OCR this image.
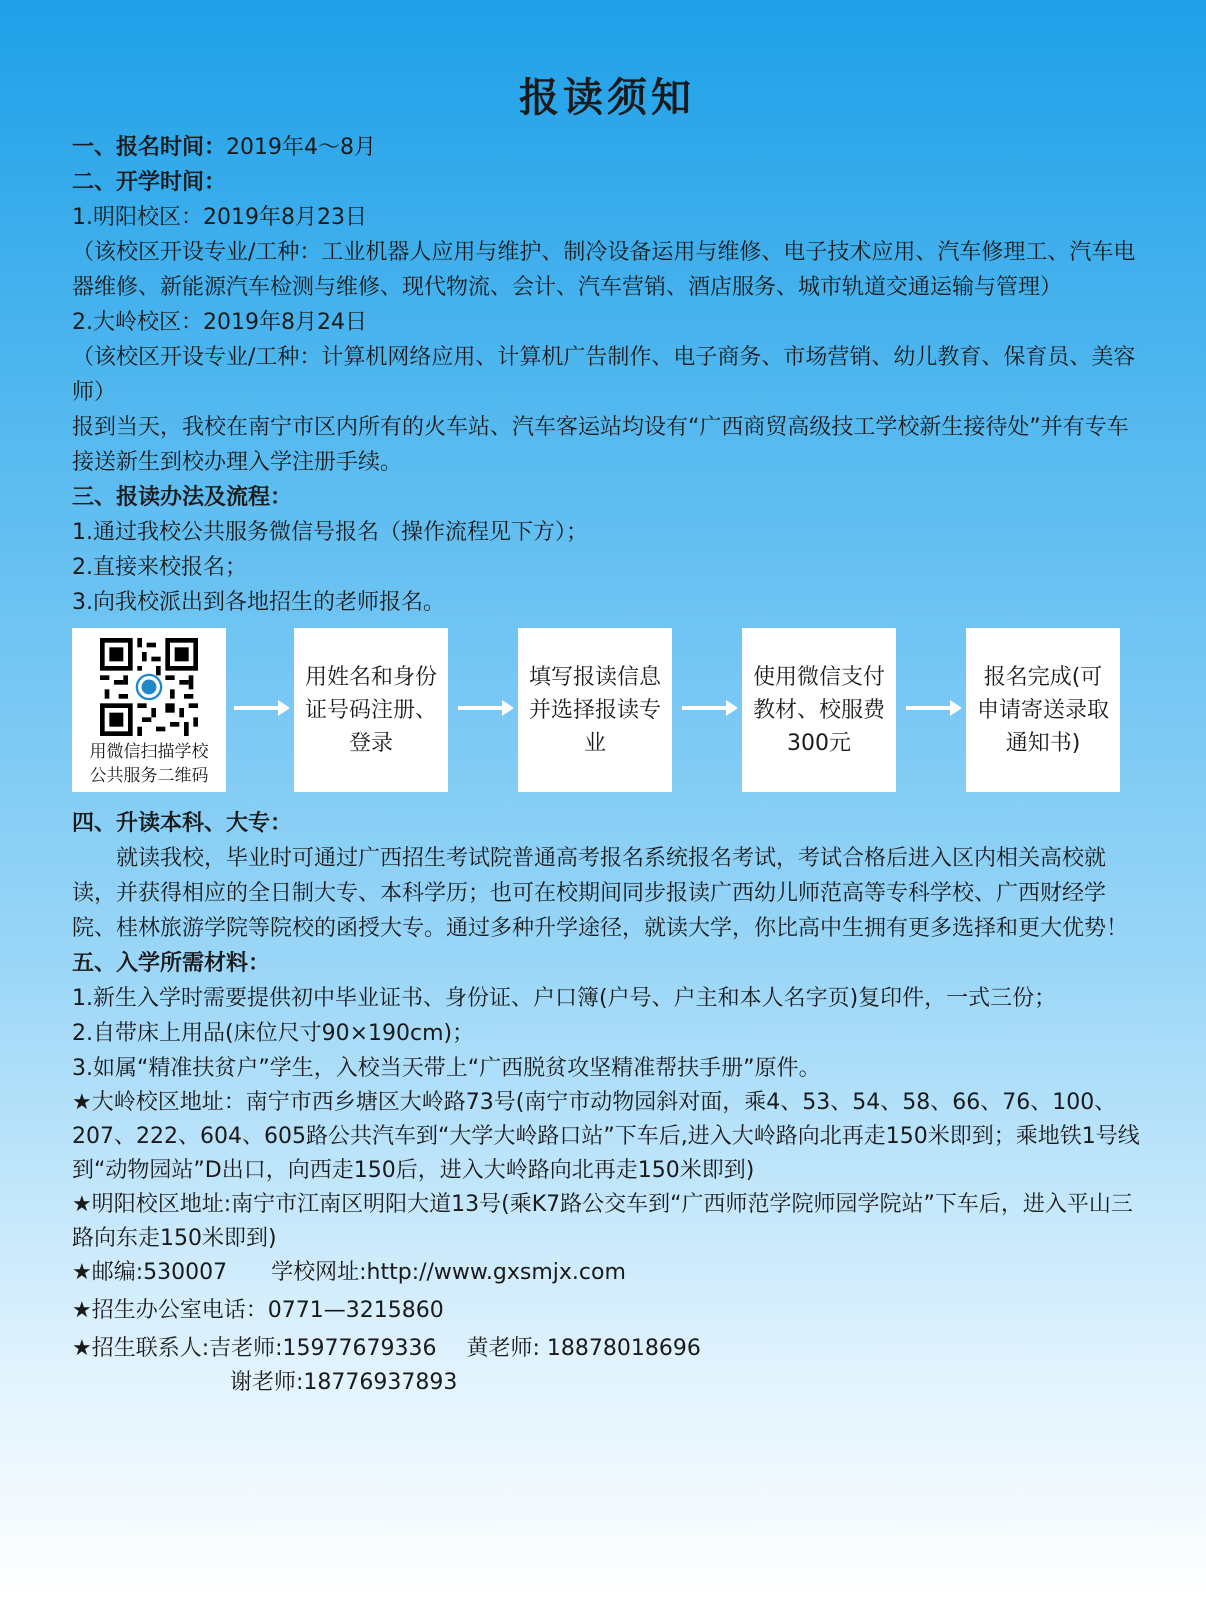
报读须知

一、报名时间：2019年4～8月

二、开学时间：

1.明阳校区：2019年8月23日

（该校区开设专业/工种：工业机器人应用与维护、制冷设备运用与维修、电子技术应用、汽车修理工、汽车电器维修、新能源汽车检测与维修、现代物流、会计、汽车营销、酒店服务、城市轨道交通运输与管理）

2.大岭校区：2019年8月24日

（该校区开设专业/工种：计算机网络应用、计算机广告制作、电子商务、市场营销、幼儿教育、保育员、美容师）

报到当天，我校在南宁市区内所有的火车站、汽车客运站均设有“广西商贸高级技工学校新生接待处”并有专车接送新生到校办理入学注册手续。

三、报读办法及流程：

1.通过我校公共服务微信号报名（操作流程见下方）；

2.直接来校报名；

3.向我校派出到各地招生的老师报名。

用微信扫描学校
公共服务二维码
用姓名和身份证号码注册、登录
填写报读信息并选择报读专业
使用微信支付教材、校服费300元
报名完成(可申请寄送录取通知书)

四、升读本科、大专：

就读我校，毕业时可通过广西招生考试院普通高考报名系统报名考试，考试合格后进入区内相关高校就读，并获得相应的全日制大专、本科学历；也可在校期间同步报读广西幼儿师范高等专科学校、广西财经学院、桂林旅游学院等院校的函授大专。通过多种升学途径，就读大学，你比高中生拥有更多选择和更大优势！

五、入学所需材料：

1.新生入学时需要提供初中毕业证书、身份证、户口簿(户号、户主和本人名字页)复印件，一式三份；

2.自带床上用品(床位尺寸90×190cm)；

3.如属“精准扶贫户”学生，入校当天带上“广西脱贫攻坚精准帮扶手册”原件。

★大岭校区地址：南宁市西乡塘区大岭路73号(南宁市动物园斜对面，乘4、53、54、58、66、76、100、207、222、604、605路公共汽车到“大学大岭路口站”下车后,进入大岭路向北再走150米即到；乘地铁1号线到“动物园站”D出口，向西走150后，进入大岭路向北再走150米即到)

★明阳校区地址:南宁市江南区明阳大道13号(乘K7路公交车到“广西师范学院师园学院站”下车后，进入平山三路向东走150米即到)

★邮编:530007 学校网址:http://www.gxsmjx.com

★招生办公室电话：0771—3215860

★招生联系人:吉老师:15977679336 黄老师: 18878018696

谢老师:18776937893
